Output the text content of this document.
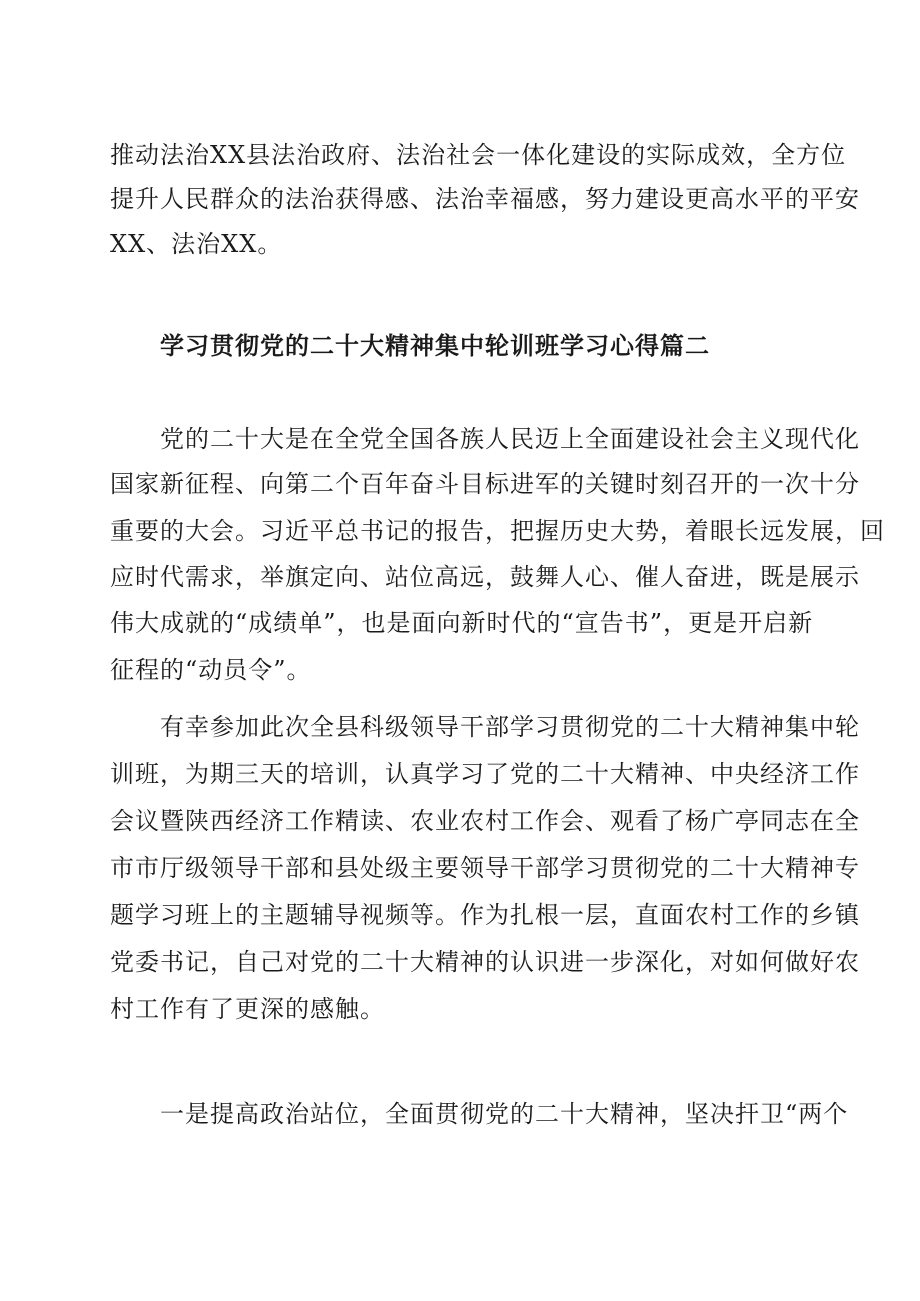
推动法治XX县法治政府、法治社会一体化建设的实际成效，全方位
提升人民群众的法治获得感、法治幸福感，努力建设更高水平的平安
XX、法治XX。
学习贯彻党的二十大精神集中轮训班学习心得篇二
党的二十大是在全党全国各族人民迈上全面建设社会主义现代化
国家新征程、向第二个百年奋斗目标进军的关键时刻召开的一次十分
重要的大会。习近平总书记的报告，把握历史大势，着眼长远发展，回
应时代需求，举旗定向、站位高远，鼓舞人心、催人奋进，既是展示
伟大成就的“成绩单”，也是面向新时代的“宣告书”，更是开启新
征程的“动员令”。
有幸参加此次全县科级领导干部学习贯彻党的二十大精神集中轮
训班，为期三天的培训，认真学习了党的二十大精神、中央经济工作
会议暨陕西经济工作精读、农业农村工作会、观看了杨广亭同志在全
市市厅级领导干部和县处级主要领导干部学习贯彻党的二十大精神专
题学习班上的主题辅导视频等。作为扎根一层，直面农村工作的乡镇
党委书记，自己对党的二十大精神的认识进一步深化，对如何做好农
村工作有了更深的感触。
一是提高政治站位，全面贯彻党的二十大精神，坚决扞卫“两个
